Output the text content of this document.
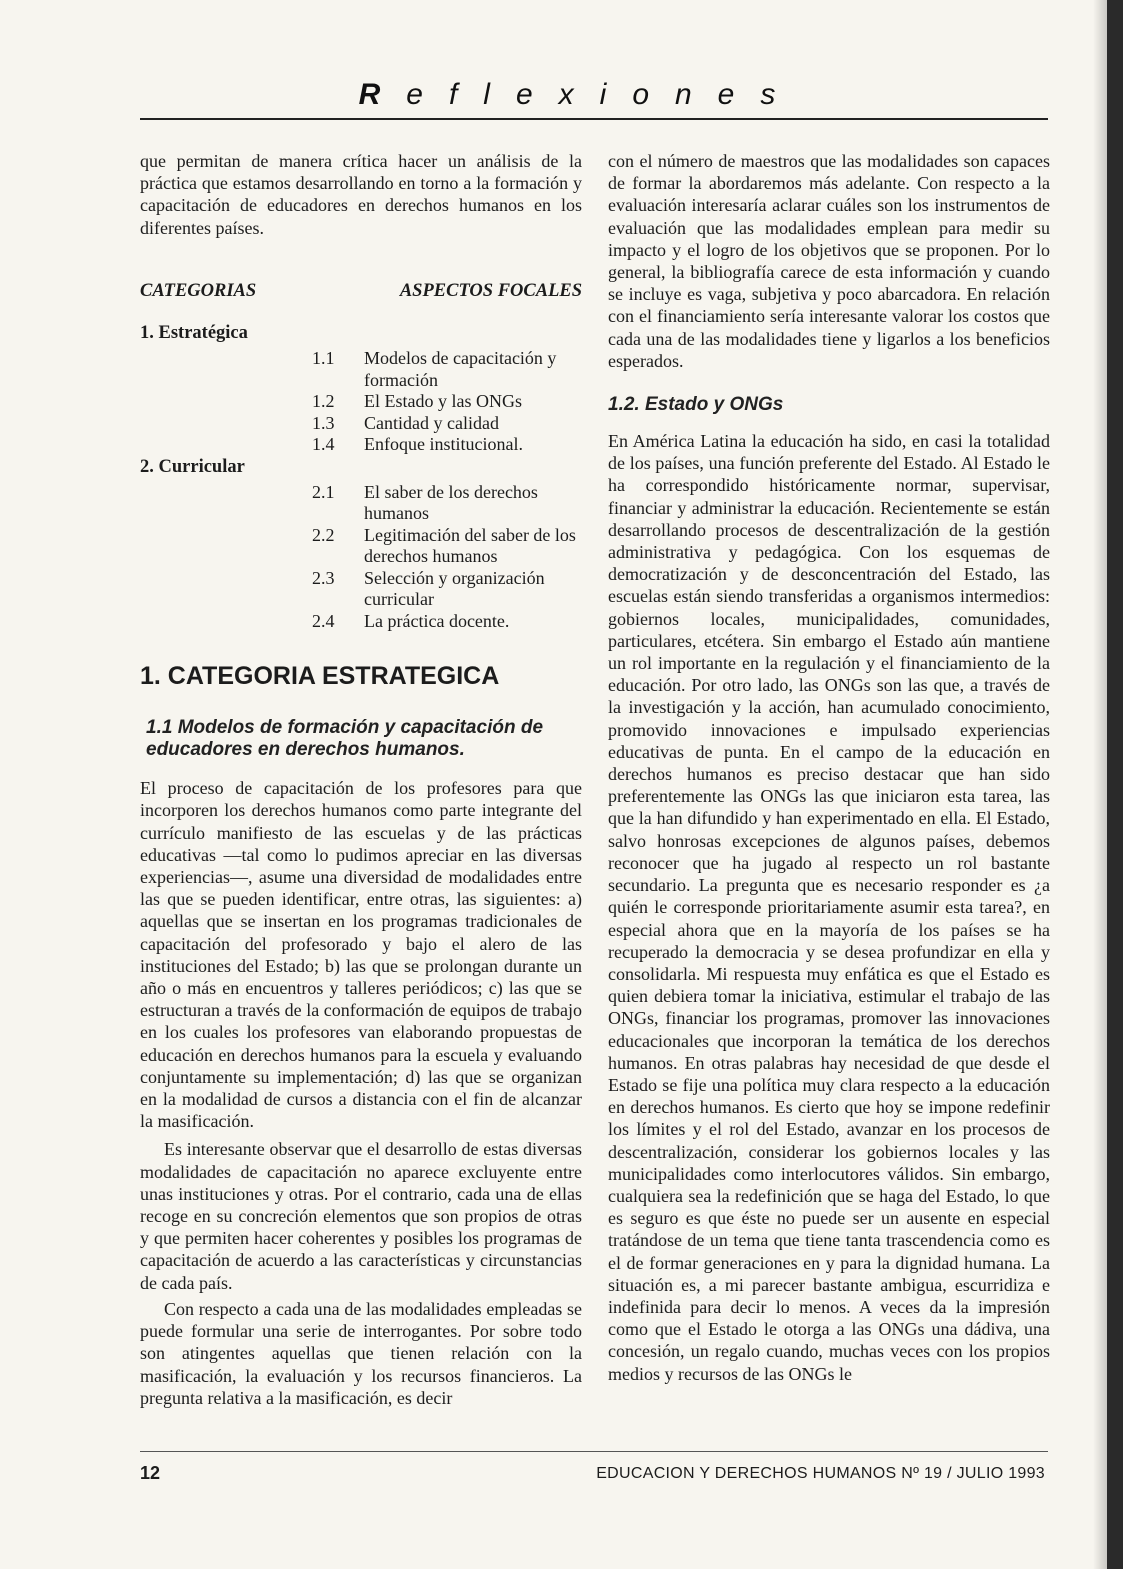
Reflexiones

que permitan de manera crítica hacer un análisis de la práctica que estamos desarrollando en torno a la formación y capacitación de educadores en derechos humanos en los diferentes países.

CATEGORIAS	ASPECTOS FOCALES

1. Estratégica

1.1	Modelos de capacitación y formación
1.2	El Estado y las ONGs
1.3	Cantidad y calidad
1.4	Enfoque institucional.

2. Curricular

2.1	El saber de los derechos humanos
2.2	Legitimación del saber de los derechos humanos
2.3	Selección y organización curricular
2.4	La práctica docente.
1. CATEGORIA ESTRATEGICA
1.1 Modelos de formación y capacitación de educadores en derechos humanos.

El proceso de capacitación de los profesores para que incorporen los derechos humanos como parte integrante del currículo manifiesto de las escuelas y de las prácticas educativas —tal como lo pudimos apreciar en las diversas experiencias—, asume una diversidad de modalidades entre las que se pueden identificar, entre otras, las siguientes: a) aquellas que se insertan en los programas tradicionales de capacitación del profesorado y bajo el alero de las instituciones del Estado; b) las que se prolongan durante un año o más en encuentros y talleres periódicos; c) las que se estructuran a través de la conformación de equipos de trabajo en los cuales los profesores van elaborando propuestas de educación en derechos humanos para la escuela y evaluando conjuntamente su implementación; d) las que se organizan en la modalidad de cursos a distancia con el fin de alcanzar la masificación.

Es interesante observar que el desarrollo de estas diversas modalidades de capacitación no aparece excluyente entre unas instituciones y otras. Por el contrario, cada una de ellas recoge en su concreción elementos que son propios de otras y que permiten hacer coherentes y posibles los programas de capacitación de acuerdo a las características y circunstancias de cada país.

Con respecto a cada una de las modalidades empleadas se puede formular una serie de interrogantes. Por sobre todo son atingentes aquellas que tienen relación con la masificación, la evaluación y los recursos financieros. La pregunta relativa a la masificación, es decir

con el número de maestros que las modalidades son capaces de formar la abordaremos más adelante. Con respecto a la evaluación interesaría aclarar cuáles son los instrumentos de evaluación que las modalidades emplean para medir su impacto y el logro de los objetivos que se proponen. Por lo general, la bibliografía carece de esta información y cuando se incluye es vaga, subjetiva y poco abarcadora. En relación con el financiamiento sería interesante valorar los costos que cada una de las modalidades tiene y ligarlos a los beneficios esperados.

1.2. Estado y ONGs

En América Latina la educación ha sido, en casi la totalidad de los países, una función preferente del Estado. Al Estado le ha correspondido históricamente normar, supervisar, financiar y administrar la educación. Recientemente se están desarrollando procesos de descentralización de la gestión administrativa y pedagógica. Con los esquemas de democratización y de desconcentración del Estado, las escuelas están siendo transferidas a organismos intermedios: gobiernos locales, municipalidades, comunidades, particulares, etcétera. Sin embargo el Estado aún mantiene un rol importante en la regulación y el financiamiento de la educación. Por otro lado, las ONGs son las que, a través de la investigación y la acción, han acumulado conocimiento, promovido innovaciones e impulsado experiencias educativas de punta. En el campo de la educación en derechos humanos es preciso destacar que han sido preferentemente las ONGs las que iniciaron esta tarea, las que la han difundido y han experimentado en ella. El Estado, salvo honrosas excepciones de algunos países, debemos reconocer que ha jugado al respecto un rol bastante secundario. La pregunta que es necesario responder es ¿a quién le corresponde prioritariamente asumir esta tarea?, en especial ahora que en la mayoría de los países se ha recuperado la democracia y se desea profundizar en ella y consolidarla. Mi respuesta muy enfática es que el Estado es quien debiera tomar la iniciativa, estimular el trabajo de las ONGs, financiar los programas, promover las innovaciones educacionales que incorporan la temática de los derechos humanos. En otras palabras hay necesidad de que desde el Estado se fije una política muy clara respecto a la educación en derechos humanos. Es cierto que hoy se impone redefinir los límites y el rol del Estado, avanzar en los procesos de descentralización, considerar los gobiernos locales y las municipalidades como interlocutores válidos. Sin embargo, cualquiera sea la redefinición que se haga del Estado, lo que es seguro es que éste no puede ser un ausente en especial tratándose de un tema que tiene tanta trascendencia como es el de formar generaciones en y para la dignidad humana. La situación es, a mi parecer bastante ambigua, escurridiza e indefinida para decir lo menos. A veces da la impresión como que el Estado le otorga a las ONGs una dádiva, una concesión, un regalo cuando, muchas veces con los propios medios y recursos de las ONGs le

12	EDUCACION Y DERECHOS HUMANOS Nº 19 / JULIO 1993
